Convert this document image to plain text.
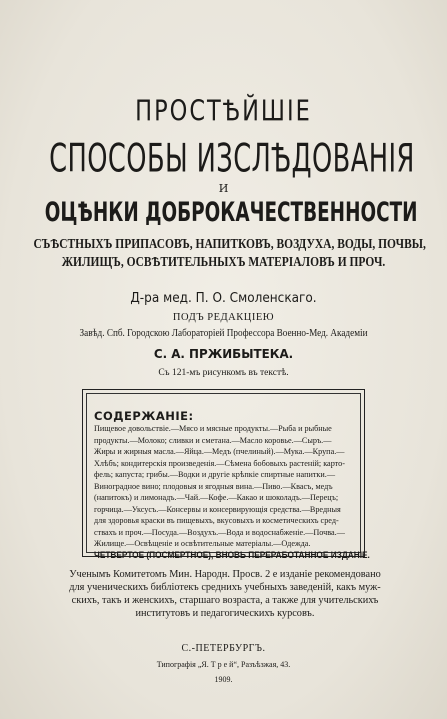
ПРОСТѢЙШІЕ
СПОСОБЫ ИЗСЛѢДОВАНІЯ
И
ОЦѢНКИ ДОБРОКАЧЕСТВЕННОСТИ
СЪѢСТНЫХЪ ПРИПАСОВЪ, НАПИТКОВЪ, ВОЗДУХА, ВОДЫ, ПОЧВЫ,
ЖИЛИЩЪ, ОСВѢТИТЕЛЬНЫХЪ МАТЕРІАЛОВЪ И ПРОЧ.
Д-ра мед. П. О. Смоленскаго.
ПОДЪ РЕДАКЦІЕЮ
Завѣд. Спб. Городскою Лабораторіей Профессора Военно-Мед. Академіи
С. А. ПРЖИБЫТЕКА.
Съ 121-мъ рисункомъ въ текстѣ.
СОДЕРЖАНІЕ:
Пищевое довольствіе.—Мясо и мясные продукты.—Рыба и рыбные
продукты.—Молоко; сливки и сметана.—Масло коровье.—Сыръ.—
Жиры и жирныя масла.—Яйца.—Медъ (пчелиный).—Мука.—Крупа.—
Хлѣбъ; кондитерскія произведенія.—Сѣмена бобовыхъ растеній; карто-
фель; капуста; грибы.—Водки и другіе крѣпкіе спиртные напитки.—
Виноградное вино; плодовыя и ягодныя вина.—Пиво.—Квасъ, медъ
(напитокъ) и лимонадъ.—Чай.—Кофе.—Какао и шоколадъ.—Перецъ;
горчица.—Уксусъ.—Консервы и консервирующія средства.—Вредныя
для здоровья краски въ пищевыхъ, вкусовыхъ и косметическихъ сред-
ствахъ и проч.—Посуда.—Воздухъ.—Вода и водоснабженіе.—Почва.—
Жилище.—Освѣщеніе и освѣтительные матеріалы.—Одежда.
ЧЕТВЕРТОЕ (ПОСМЕРТНОЕ), ВНОВЬ ПЕРЕРАБОТАННОЕ ИЗДАНІЕ.
Ученымъ Комитетомъ Мин. Народн. Просв. 2 е изданіе рекомендовано
для ученическихъ библіотекъ среднихъ учебныхъ заведеній, какъ муж-
скихъ, такъ и женскихъ, старшаго возраста, а также для учительскихъ
институтовъ и педагогическихъ курсовъ.
С.-ПЕТЕРБУРГЪ.
Типографія „Я. Т р е й“, Разъѣзжая, 43.
1909.
